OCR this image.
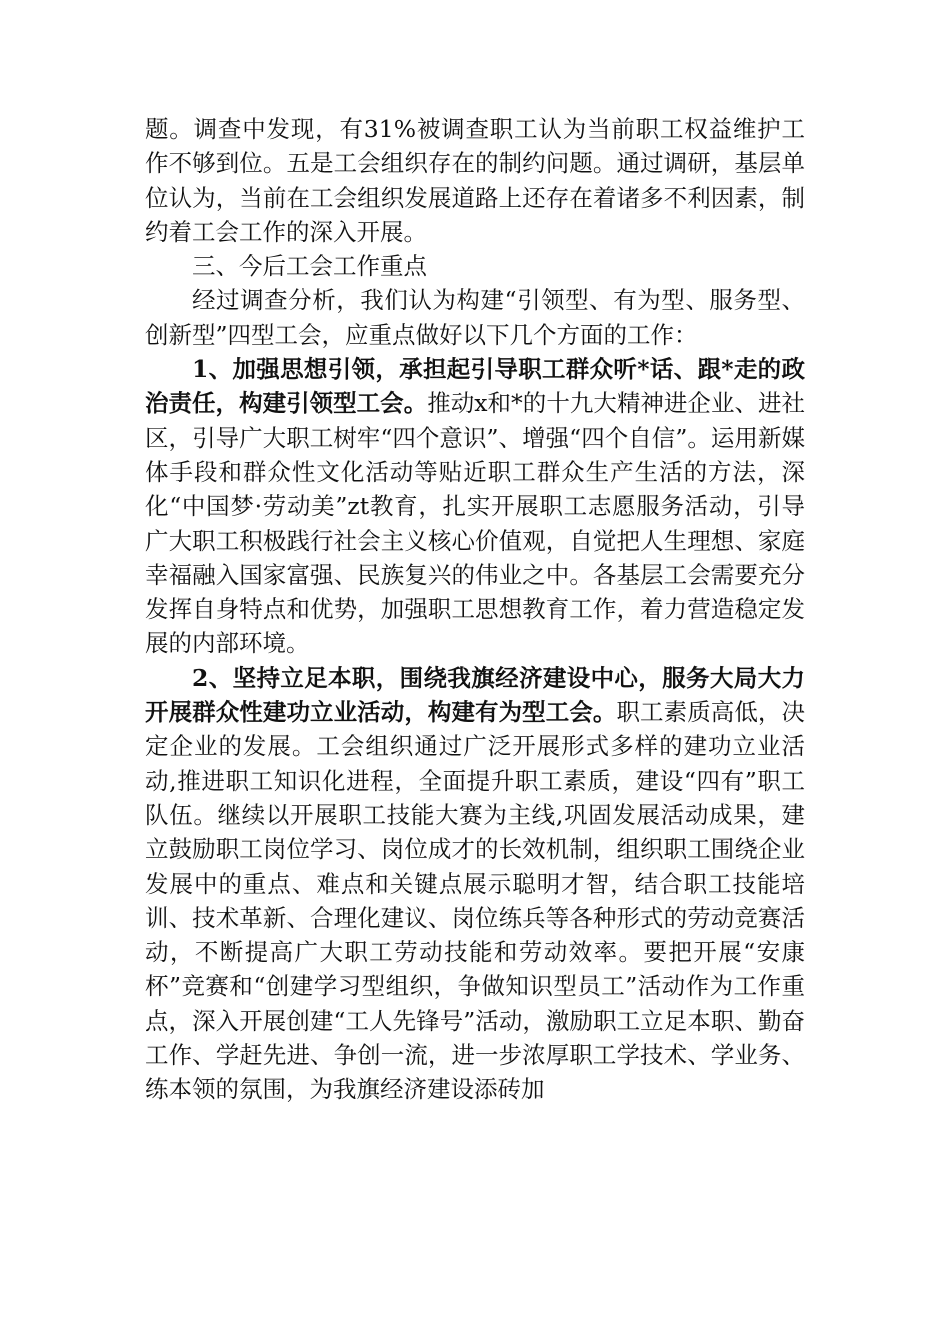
题。调查中发现，有31%被调查职工认为当前职工权益维护工作不够到位。五是工会组织存在的制约问题。通过调研，基层单位认为，当前在工会组织发展道路上还存在着诸多不利因素，制约着工会工作的深入开展。

三、今后工会工作重点

经过调查分析，我们认为构建“引领型、有为型、服务型、创新型”四型工会，应重点做好以下几个方面的工作：

1、加强思想引领，承担起引导职工群众听*话、跟*走的政治责任，构建引领型工会。推动x和*的十九大精神进企业、进社区，引导广大职工树牢“四个意识”、增强“四个自信”。运用新媒体手段和群众性文化活动等贴近职工群众生产生活的方法，深化“中国梦·劳动美”zt教育，扎实开展职工志愿服务活动，引导广大职工积极践行社会主义核心价值观，自觉把人生理想、家庭幸福融入国家富强、民族复兴的伟业之中。各基层工会需要充分发挥自身特点和优势，加强职工思想教育工作，着力营造稳定发展的内部环境。

2、坚持立足本职，围绕我旗经济建设中心，服务大局大力开展群众性建功立业活动，构建有为型工会。职工素质高低，决定企业的发展。工会组织通过广泛开展形式多样的建功立业活动,推进职工知识化进程，全面提升职工素质，建设“四有”职工队伍。继续以开展职工技能大赛为主线,巩固发展活动成果，建立鼓励职工岗位学习、岗位成才的长效机制，组织职工围绕企业发展中的重点、难点和关键点展示聪明才智，结合职工技能培训、技术革新、合理化建议、岗位练兵等各种形式的劳动竞赛活动，不断提高广大职工劳动技能和劳动效率。要把开展“安康杯”竞赛和“创建学习型组织，争做知识型员工”活动作为工作重点，深入开展创建“工人先锋号”活动，激励职工立足本职、勤奋工作、学赶先进、争创一流，进一步浓厚职工学技术、学业务、练本领的氛围，为我旗经济建设添砖加
